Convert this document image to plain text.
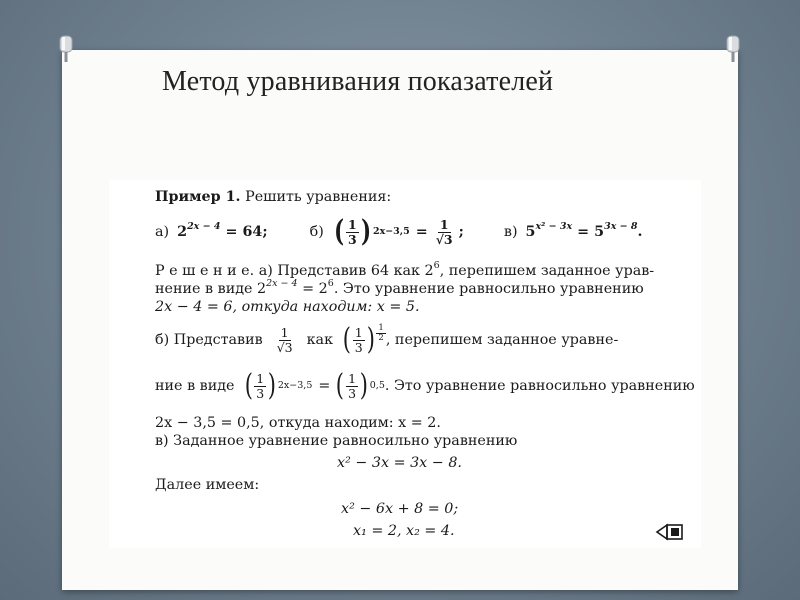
Метод уравнивания показателей
Пример 1. Решить уравнения:
а) $2^{2x - 4} = 64$;	б) ( $\frac{1}{3}$ ) $2x-3,5 = \frac{1}{√3}$ ;	в) $5^{x^2 - 3x} = 5^{3x - 8}$.
Р е ш е н и е. а) Представив 64 как $2^6$, перепишем заданное урав-
нение в виде $2^{2x - 4} = 2^6$. Это уравнение равносильно уравнению
2x − 4 = 6, откуда находим: x = 5.
б) Представив $\frac{1}{√3}$ как ( $\frac{1}{3}$ ) $\frac{1}{2}$ , перепишем заданное уравне-
ние в виде ( $\frac{1}{3}$ ) 2x−3,5 = ( $\frac{1}{3}$ ) 0,5 . Это уравнение равносильно уравнению
2x − 3,5 = 0,5, откуда находим: x = 2.
в) Заданное уравнение равносильно уравнению
x² − 3x = 3x − 8.
Далее имеем:
x² − 6x + 8 = 0;
x₁ = 2, x₂ = 4.
